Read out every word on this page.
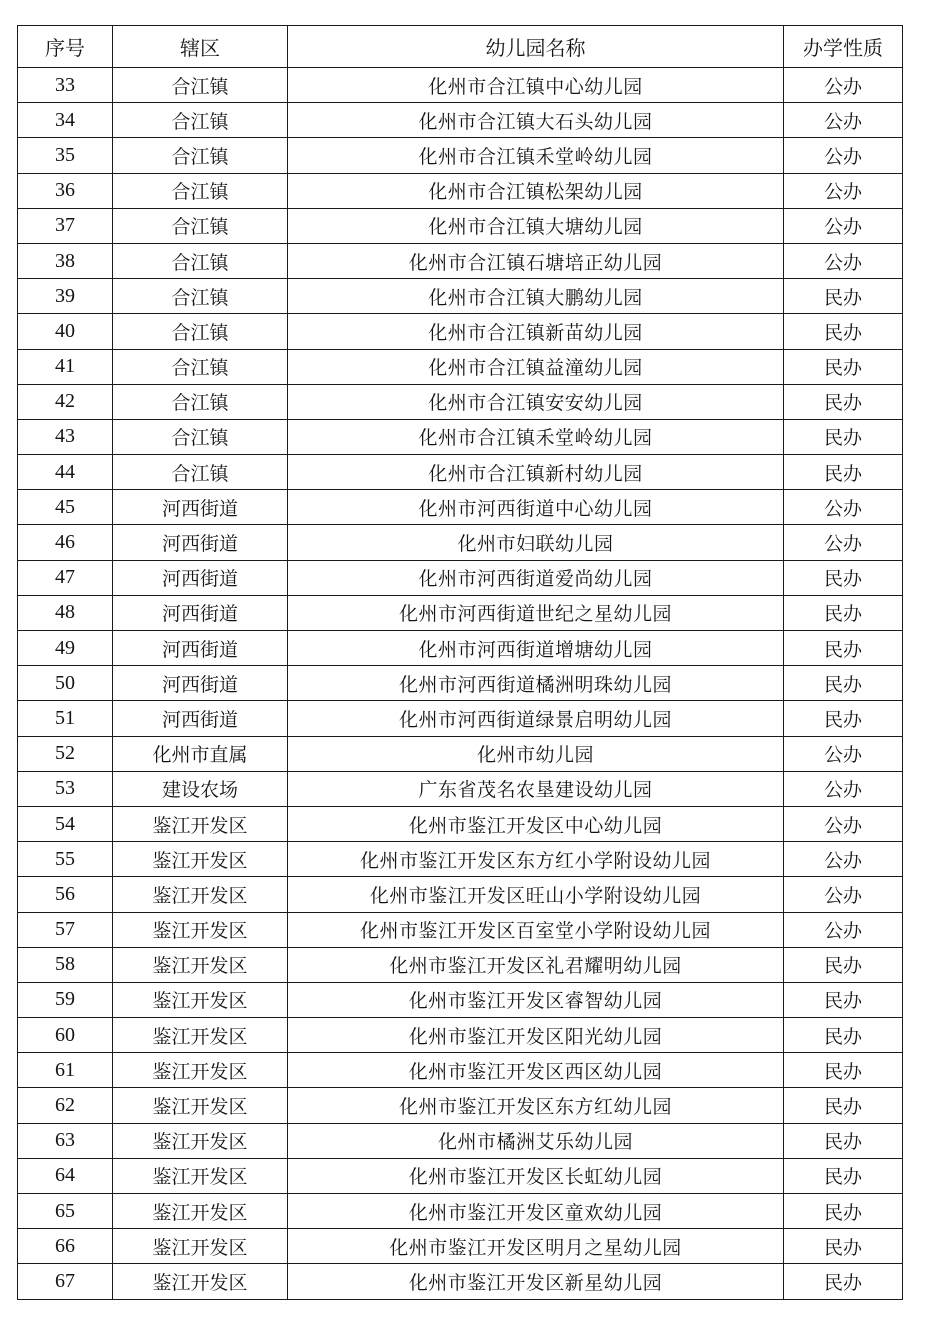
序号	辖区	幼儿园名称	办学性质
33	合江镇	化州市合江镇中心幼儿园	公办
34	合江镇	化州市合江镇大石头幼儿园	公办
35	合江镇	化州市合江镇禾堂岭幼儿园	公办
36	合江镇	化州市合江镇松架幼儿园	公办
37	合江镇	化州市合江镇大塘幼儿园	公办
38	合江镇	化州市合江镇石塘培正幼儿园	公办
39	合江镇	化州市合江镇大鹏幼儿园	民办
40	合江镇	化州市合江镇新苗幼儿园	民办
41	合江镇	化州市合江镇益潼幼儿园	民办
42	合江镇	化州市合江镇安安幼儿园	民办
43	合江镇	化州市合江镇禾堂岭幼儿园	民办
44	合江镇	化州市合江镇新村幼儿园	民办
45	河西街道	化州市河西街道中心幼儿园	公办
46	河西街道	化州市妇联幼儿园	公办
47	河西街道	化州市河西街道爱尚幼儿园	民办
48	河西街道	化州市河西街道世纪之星幼儿园	民办
49	河西街道	化州市河西街道增塘幼儿园	民办
50	河西街道	化州市河西街道橘洲明珠幼儿园	民办
51	河西街道	化州市河西街道绿景启明幼儿园	民办
52	化州市直属	化州市幼儿园	公办
53	建设农场	广东省茂名农垦建设幼儿园	公办
54	鉴江开发区	化州市鉴江开发区中心幼儿园	公办
55	鉴江开发区	化州市鉴江开发区东方红小学附设幼儿园	公办
56	鉴江开发区	化州市鉴江开发区旺山小学附设幼儿园	公办
57	鉴江开发区	化州市鉴江开发区百室堂小学附设幼儿园	公办
58	鉴江开发区	化州市鉴江开发区礼君耀明幼儿园	民办
59	鉴江开发区	化州市鉴江开发区睿智幼儿园	民办
60	鉴江开发区	化州市鉴江开发区阳光幼儿园	民办
61	鉴江开发区	化州市鉴江开发区西区幼儿园	民办
62	鉴江开发区	化州市鉴江开发区东方红幼儿园	民办
63	鉴江开发区	化州市橘洲艾乐幼儿园	民办
64	鉴江开发区	化州市鉴江开发区长虹幼儿园	民办
65	鉴江开发区	化州市鉴江开发区童欢幼儿园	民办
66	鉴江开发区	化州市鉴江开发区明月之星幼儿园	民办
67	鉴江开发区	化州市鉴江开发区新星幼儿园	民办
